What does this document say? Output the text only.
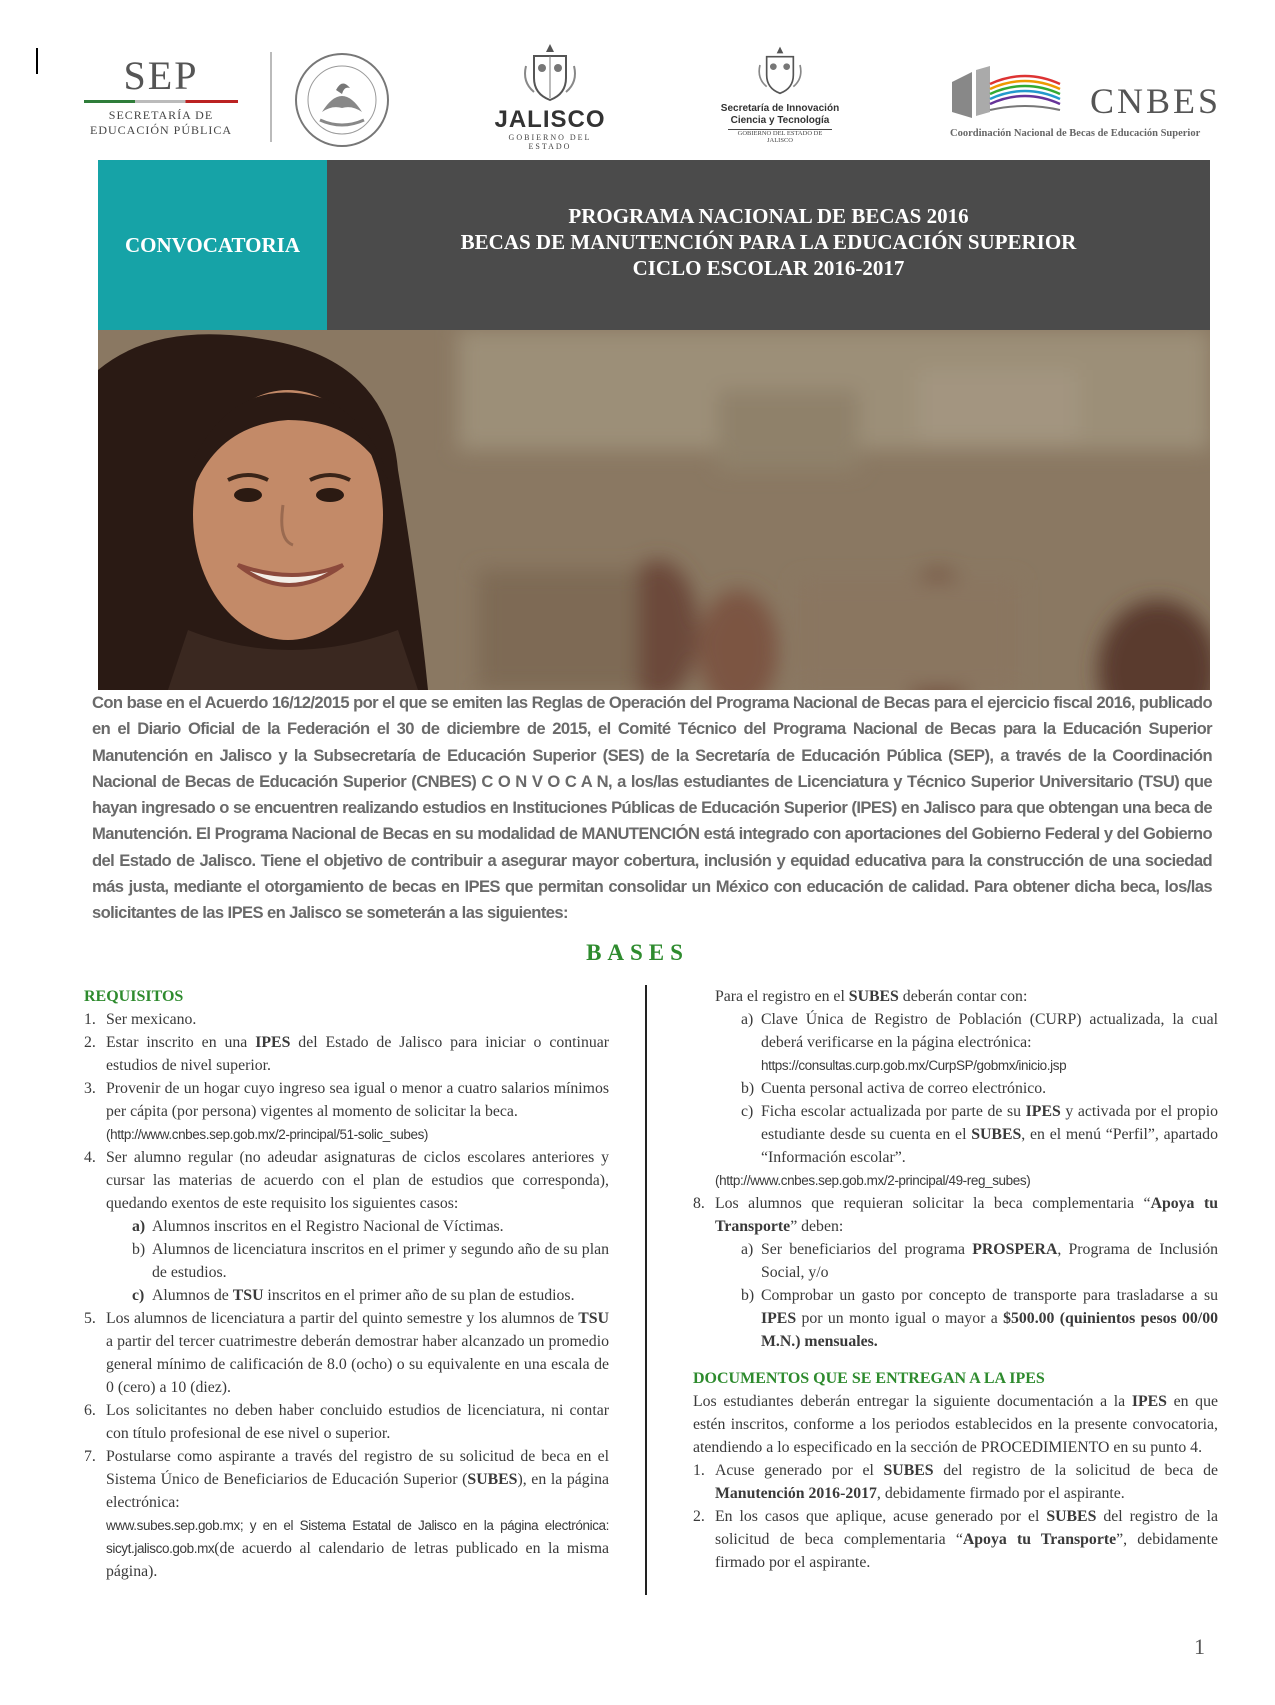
SEP
SECRETARÍA DE
EDUCACIÓN PÚBLICA	JALISCO
GOBIERNO DEL ESTADO
Secretaría de Innovación
Ciencia y Tecnología
GOBIERNO DEL ESTADO DE JALISCO
CNBES
Coordinación Nacional de Becas de Educación Superior
CONVOCATORIA
PROGRAMA NACIONAL DE BECAS 2016
BECAS DE MANUTENCIÓN PARA LA EDUCACIÓN SUPERIOR
CICLO ESCOLAR 2016-2017
Con base en el Acuerdo 16/12/2015 por el que se emiten las Reglas de Operación del Programa Nacional de Becas para el ejercicio fiscal 2016, publicado en el Diario Oficial de la Federación el 30 de diciembre de 2015, el Comité Técnico del Programa Nacional de Becas para la Educación Superior Manutención en Jalisco y la Subsecretaría de Educación Superior (SES) de la Secretaría de Educación Pública (SEP), a través de la Coordinación Nacional de Becas de Educación Superior (CNBES) C O N V O C A N, a los/las estudiantes de Licenciatura y Técnico Superior Universitario (TSU) que hayan ingresado o se encuentren realizando estudios en Instituciones Públicas de Educación Superior (IPES) en Jalisco para que obtengan una beca de Manutención. El Programa Nacional de Becas en su modalidad de MANUTENCIÓN está integrado con aportaciones del Gobierno Federal y del Gobierno del Estado de Jalisco. Tiene el objetivo de contribuir a asegurar mayor cobertura, inclusión y equidad educativa para la construcción de una sociedad más justa, mediante el otorgamiento de becas en IPES que permitan consolidar un México con educación de calidad. Para obtener dicha beca, los/las solicitantes de las IPES en Jalisco se someterán a las siguientes:
BASES
REQUISITOS
1. Ser mexicano.
2. Estar inscrito en una IPES del Estado de Jalisco para iniciar o continuar estudios de nivel superior.
3. Provenir de un hogar cuyo ingreso sea igual o menor a cuatro salarios mínimos per cápita (por persona) vigentes al momento de solicitar la beca.
(http://www.cnbes.sep.gob.mx/2-principal/51-solic_subes)
4. Ser alumno regular (no adeudar asignaturas de ciclos escolares anteriores y cursar las materias de acuerdo con el plan de estudios que corresponda), quedando exentos de este requisito los siguientes casos:
a) Alumnos inscritos en el Registro Nacional de Víctimas.
b) Alumnos de licenciatura inscritos en el primer y segundo año de su plan de estudios.
c) Alumnos de TSU inscritos en el primer año de su plan de estudios.
5. Los alumnos de licenciatura a partir del quinto semestre y los alumnos de TSU a partir del tercer cuatrimestre deberán demostrar haber alcanzado un promedio general mínimo de calificación de 8.0 (ocho) o su equivalente en una escala de 0 (cero) a 10 (diez).
6. Los solicitantes no deben haber concluido estudios de licenciatura, ni contar con título profesional de ese nivel o superior.
7. Postularse como aspirante a través del registro de su solicitud de beca en el Sistema Único de Beneficiarios de Educación Superior (SUBES), en la página electrónica:
www.subes.sep.gob.mx; y en el Sistema Estatal de Jalisco en la página electrónica: sicyt.jalisco.gob.mx(de acuerdo al calendario de letras publicado en la misma página).
Para el registro en el SUBES deberán contar con:
a) Clave Única de Registro de Población (CURP) actualizada, la cual deberá verificarse en la página electrónica:
https://consultas.curp.gob.mx/CurpSP/gobmx/inicio.jsp
b) Cuenta personal activa de correo electrónico.
c) Ficha escolar actualizada por parte de su IPES y activada por el propio estudiante desde su cuenta en el SUBES, en el menú “Perfil”, apartado “Información escolar”.
(http://www.cnbes.sep.gob.mx/2-principal/49-reg_subes)
8. Los alumnos que requieran solicitar la beca complementaria “Apoya tu Transporte” deben:
a) Ser beneficiarios del programa PROSPERA, Programa de Inclusión Social, y/o
b) Comprobar un gasto por concepto de transporte para trasladarse a su IPES por un monto igual o mayor a $500.00 (quinientos pesos 00/00 M.N.) mensuales.
DOCUMENTOS QUE SE ENTREGAN A LA IPES
Los estudiantes deberán entregar la siguiente documentación a la IPES en que estén inscritos, conforme a los periodos establecidos en la presente convocatoria, atendiendo a lo especificado en la sección de PROCEDIMIENTO en su punto 4.
1. Acuse generado por el SUBES del registro de la solicitud de beca de Manutención 2016-2017, debidamente firmado por el aspirante.
2. En los casos que aplique, acuse generado por el SUBES del registro de la solicitud de beca complementaria “Apoya tu Transporte”, debidamente firmado por el aspirante.
1
